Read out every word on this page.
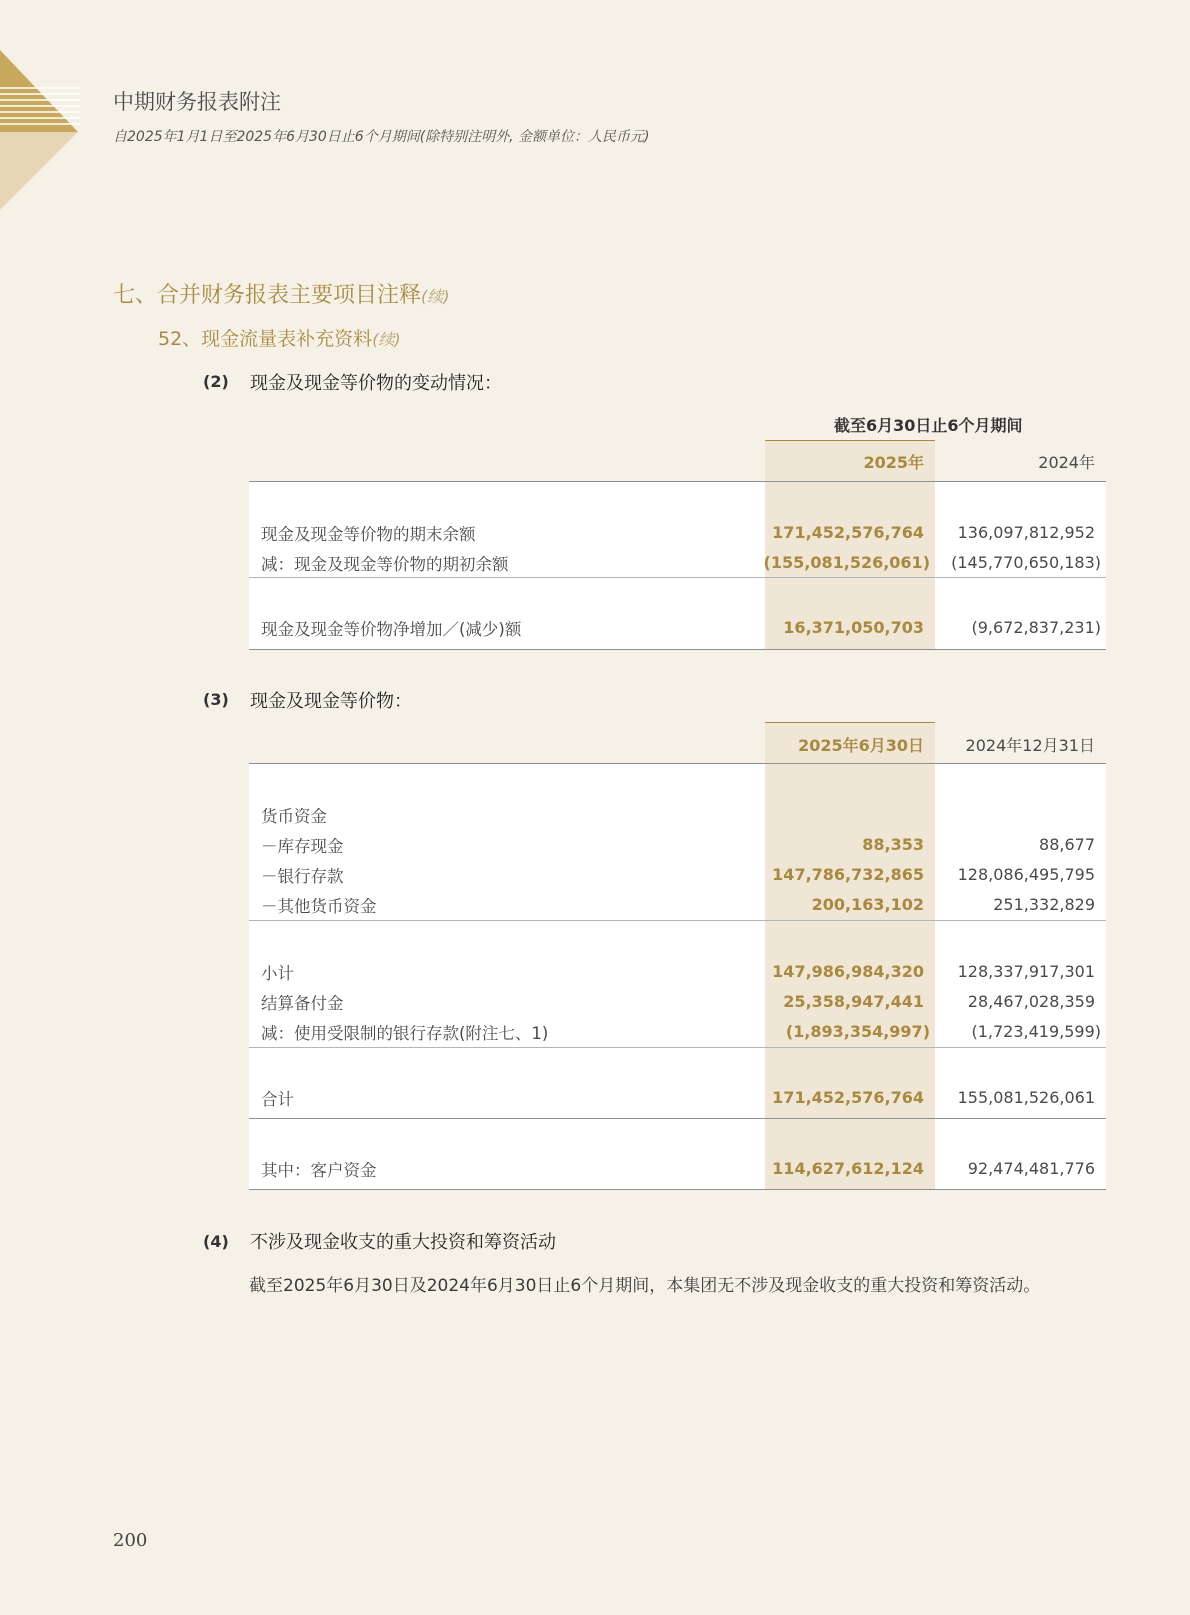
中期财务报表附注
自2025年1月1日至2025年6月30日止6个月期间(除特别注明外, 金额单位：人民币元)
七、合并财务报表主要项目注释(续)
52、现金流量表补充资料(续)
(2) 现金及现金等价物的变动情况：
截至6月30日止6个月期间
2025年	2024年
现金及现金等价物的期末余额	171,452,576,764 136,097,812,952
减：现金及现金等价物的期初余额	(155,081,526,061) (145,770,650,183)
现金及现金等价物净增加／(减少)额	16,371,050,703	(9,672,837,231)
(3) 现金及现金等价物：
2025年6月30日	2024年12月31日
货币资金
－库存现金	88,353	88,677
－银行存款	147,786,732,865 128,086,495,795
－其他货币资金	200,163,102	251,332,829
小计	147,986,984,320 128,337,917,301
结算备付金	25,358,947,441	28,467,028,359
减：使用受限制的银行存款(附注七、1)	(1,893,354,997)	(1,723,419,599)
合计	171,452,576,764 155,081,526,061
其中：客户资金	114,627,612,124	92,474,481,776
(4) 不涉及现金收支的重大投资和筹资活动
截至2025年6月30日及2024年6月30日止6个月期间，本集团无不涉及现金收支的重大投资和筹资活动。
200
